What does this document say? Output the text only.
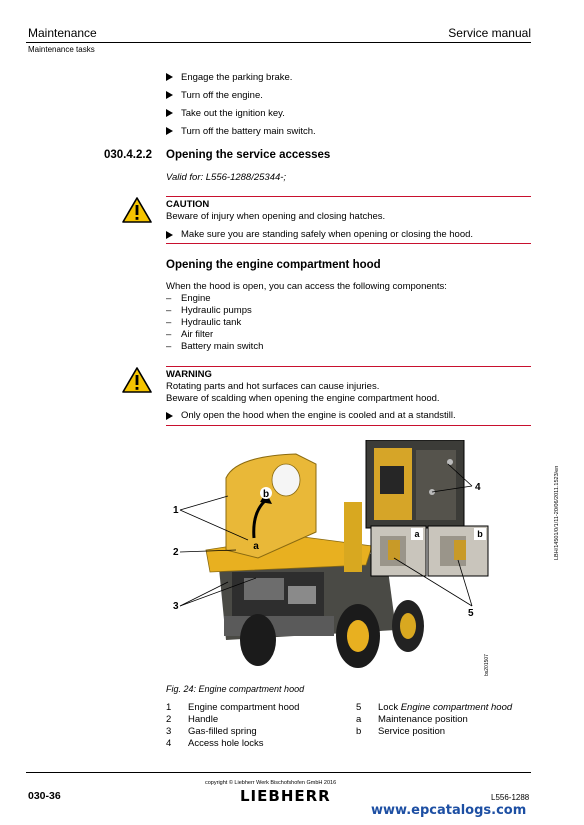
Maintenance	Service manual
Maintenance tasks
Engage the parking brake.
Turn off the engine.
Take out the ignition key.
Turn off the battery main switch.
030.4.2.2 Opening the service accesses
Valid for: L556-1288/25344-;
CAUTION
Beware of injury when opening and closing hatches.
Make sure you are standing safely when opening or closing the hood.
Opening the engine compartment hood
When the hood is open, you can access the following components:
– Engine
– Hydraulic pumps
– Hydraulic tank
– Air filter
– Battery main switch
WARNING
Rotating parts and hot surfaces can cause injuries.
Beware of scalding when opening the engine compartment hood.
Only open the hood when the engine is cooled and at a standstill.
b
a
a	b
1
2
3
4
5
bs201507
Fig. 24: Engine compartment hood
1	Engine compartment hood
2	Handle
3	Gas-filled spring
4	Access hole locks
5	Lock Engine compartment hood
a	Maintenance position
b	Service position
LBH/14501/0/1/11-20/06/2011.1523/en
copyright © Liebherr Werk Bischofshofen GmbH 2016
030-36	LIEBHERR	L556-1288
www.epcatalogs.com
